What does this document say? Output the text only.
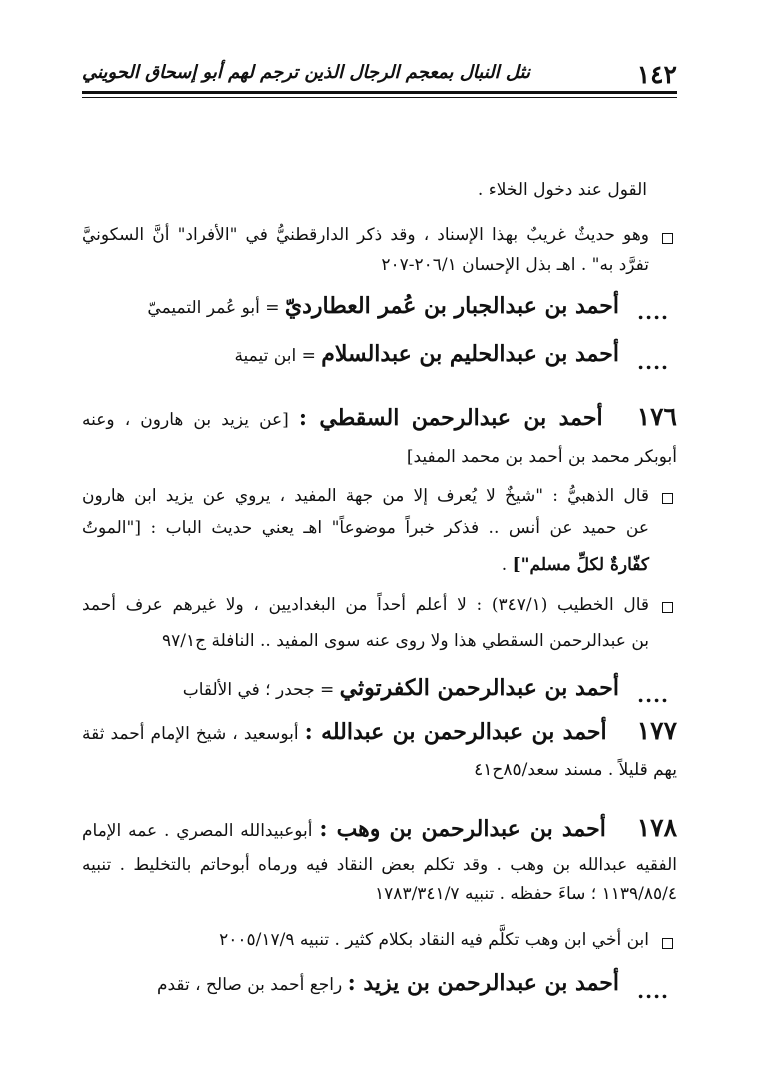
١٤٢
نثل النبال بمعجم الرجال الذين ترجم لهم أبو إسحاق الحويني
القول عند دخول الخلاء .
وهو حديثٌ غريبٌ بهذا الإسناد ، وقد ذكر الدارقطنيُّ في "الأفراد" أنَّ السكونيَّ
تفرَّد به" . اهـ بذل الإحسان ٢٠٦/١-٢٠٧
....
أحمد بن عبدالجبار بن عُمر العطارديّ = أبو عُمر التميميّ
....
أحمد بن عبدالحليم بن عبدالسلام = ابن تيمية
١٧٦ أحمد بن عبدالرحمن السقطي : [عن يزيد بن هارون ، وعنه
أبوبكر محمد بن أحمد بن محمد المفيد]
قال الذهبيُّ : "شيخٌ لا يُعرف إلا من جهة المفيد ، يروي عن يزيد ابن هارون
عن حميد عن أنس .. فذكر خبراً موضوعاً" اهـ يعني حديث الباب : ["الموتُ
كفّارةٌ لكلِّ مسلم"] .
قال الخطيب (٣٤٧/١) : لا أعلم أحداً من البغداديين ، ولا غيرهم عرف أحمد
بن عبدالرحمن السقطي هذا ولا روى عنه سوى المفيد .. النافلة ج٩٧/١
....
أحمد بن عبدالرحمن الكفرتوثي = جحدر ؛ في الألقاب
١٧٧ أحمد بن عبدالرحمن بن عبدالله : أبوسعيد ، شيخ الإمام أحمد ثقة
يهم قليلاً . مسند سعد/٨٥ح٤١
١٧٨ أحمد بن عبدالرحمن بن وهب : أبوعبيدالله المصري . عمه الإمام
الفقيه عبدالله بن وهب . وقد تكلم بعض النقاد فيه ورماه أبوحاتم بالتخليط . تنبيه
١١٣٩/٨٥/٤ ؛ ساءَ حفظه . تنبيه ١٧٨٣/٣٤١/٧
ابن أخي ابن وهب تكلَّم فيه النقاد بكلام كثير . تنبيه ٢٠٠٥/١٧/٩
....
أحمد بن عبدالرحمن بن يزيد : راجع أحمد بن صالح ، تقدم
